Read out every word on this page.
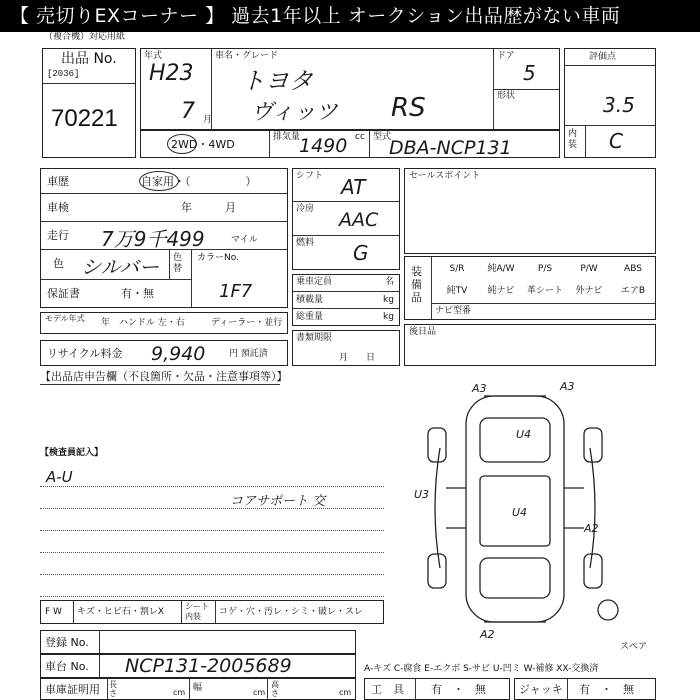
【 売切りEXコーナー 】 過去1年以上 オークション出品歴がない車両
（複合機）対応用紙
出品 No.
[2036]
70221
年式
H23
7 月
車名・グレード
トヨタ
ヴィッツ RS
ドア
5
形状
2WD・4WD
排気量
1490 cc 型式
DBA-NCP131
評価点
3.5
内装 C
車歴	自家用・（　　　　　）
車検	年　　　月
走行 7万9千499	マイル
色 シルバー 色替
カラーNo.
1F7
保証書	有・無
モデル年式 年　ハンドル 左・右	ディーラー・並行
リサイクル料金 9,940	円 預託済
シフト AT
冷房 AAC
燃料 G
乗車定員	名
積載量	kg
総重量	kg
書類期限
月　　日
セールスポイント
装備品
S/R	純A/W	P/S	P/W	ABS
純TV	純ナビ	革シート	外ナビ	エアB
ナビ型番
後日品
【出品店申告欄（不良箇所・欠品・注意事項等）】
【検査員記入】
A-U
コアサポート 交
A3	A3
U4
U4
U3
A2
A2
スペア
F W キズ・ヒビ石・割レX
シート内装	コゲ・穴・汚レ・シミ・破レ・スレ
登録 No.
車台 No. NCP131-2005689
車庫証明用 長さ	cm 幅	cm
高さ	cm
A-キズ C-腐食 E-エクボ S-サビ U-凹ミ W-補修 XX-交換済
工　具 有　・　無	ジャッキ 有　・　無
